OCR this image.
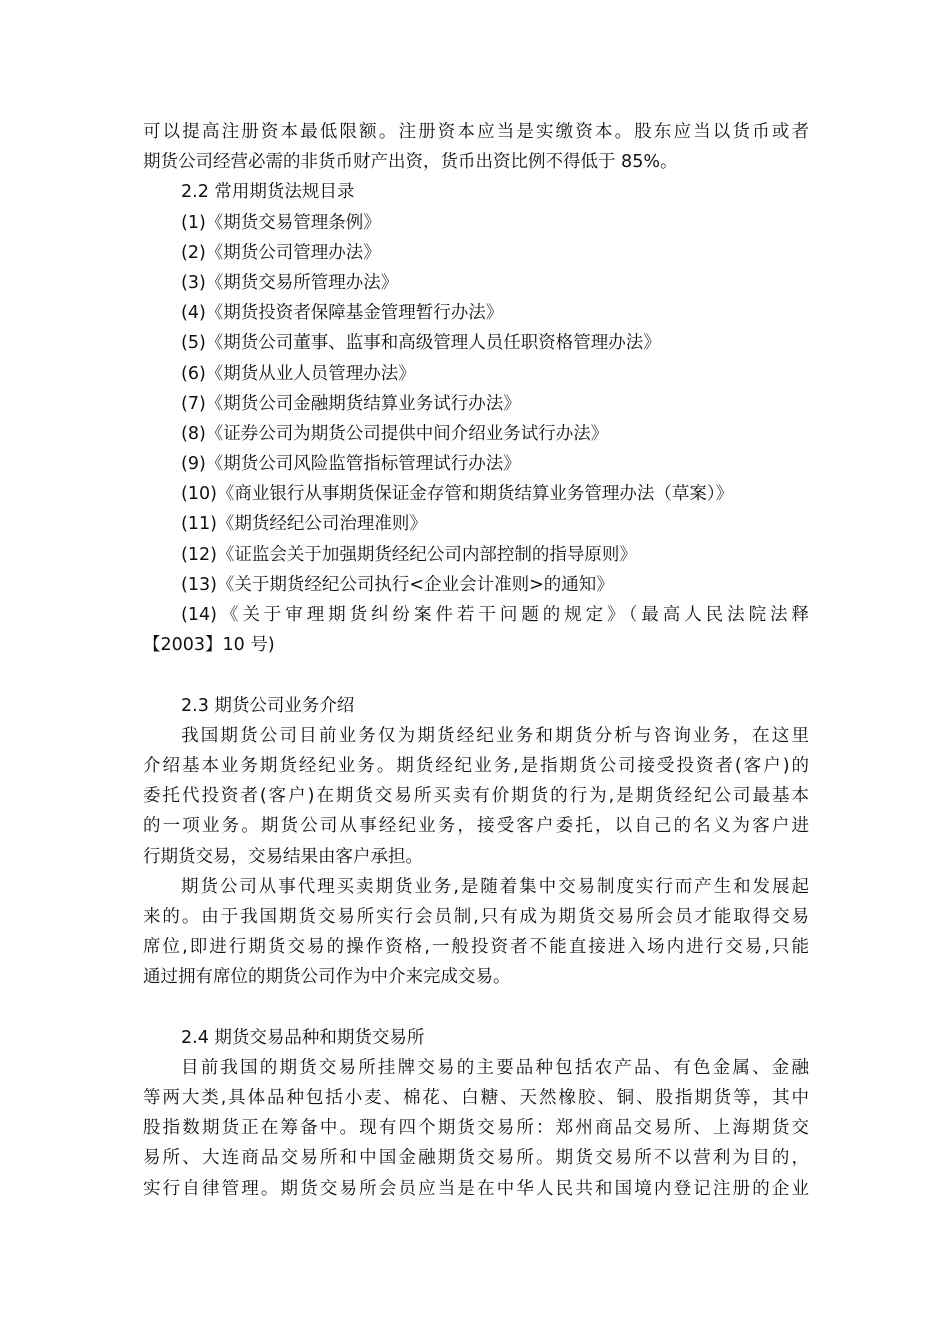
可以提高注册资本最低限额。注册资本应当是实缴资本。股东应当以货币或者
期货公司经营必需的非货币财产出资，货币出资比例不得低于 85%。
2.2 常用期货法规目录
(1)《期货交易管理条例》
(2)《期货公司管理办法》
(3)《期货交易所管理办法》
(4)《期货投资者保障基金管理暂行办法》
(5)《期货公司董事、监事和高级管理人员任职资格管理办法》
(6)《期货从业人员管理办法》
(7)《期货公司金融期货结算业务试行办法》
(8)《证券公司为期货公司提供中间介绍业务试行办法》
(9)《期货公司风险监管指标管理试行办法》
(10)《商业银行从事期货保证金存管和期货结算业务管理办法（草案）》
(11)《期货经纪公司治理准则》
(12)《证监会关于加强期货经纪公司内部控制的指导原则》
(13)《关于期货经纪公司执行<企业会计准则>的通知》
(14)《关于审理期货纠纷案件若干问题的规定》（最高人民法院法释
【2003】10 号)
2.3 期货公司业务介绍
我国期货公司目前业务仅为期货经纪业务和期货分析与咨询业务，在这里
介绍基本业务期货经纪业务。期货经纪业务,是指期货公司接受投资者(客户)的
委托代投资者(客户)在期货交易所买卖有价期货的行为,是期货经纪公司最基本
的一项业务。期货公司从事经纪业务，接受客户委托，以自己的名义为客户进
行期货交易，交易结果由客户承担。
期货公司从事代理买卖期货业务,是随着集中交易制度实行而产生和发展起
来的。由于我国期货交易所实行会员制,只有成为期货交易所会员才能取得交易
席位,即进行期货交易的操作资格,一般投资者不能直接进入场内进行交易,只能
通过拥有席位的期货公司作为中介来完成交易。
2.4 期货交易品种和期货交易所
目前我国的期货交易所挂牌交易的主要品种包括农产品、有色金属、金融
等两大类,具体品种包括小麦、棉花、白糖、天然橡胶、铜、股指期货等，其中
股指数期货正在筹备中。现有四个期货交易所：郑州商品交易所、上海期货交
易所、大连商品交易所和中国金融期货交易所。期货交易所不以营利为目的，
实行自律管理。期货交易所会员应当是在中华人民共和国境内登记注册的企业
